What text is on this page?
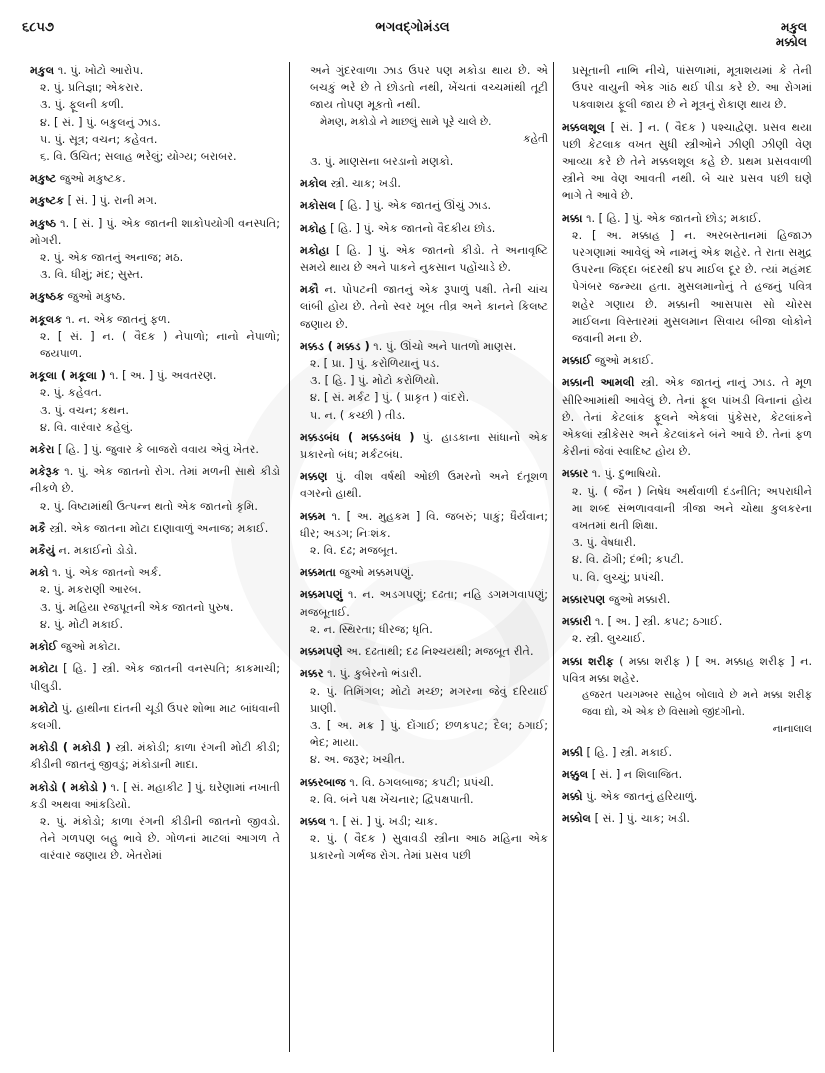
૬૮૫૭	ભગવદ્ગોમંડલ	મકુલ
મક્કોલ
મકુલ ૧. પું. ખોટો આરોપ.
૨. પું. પ્રતિજ્ઞા; એકરાર.
૩. પું. ફૂલની કળી.
૪. [ સં. ] પું. બકુલનું ઝાડ.
૫. પું. સૂત્ર; વચન; કહેવત.
૬. વિ. ઉચિત; સલાહ ભરેલું; યોગ્ય; બરાબર.
મકુષ્ટ જુઓ મકુષ્ટક.
મકુષ્ટક [ સં. ] પું. રાની મગ.
મકુષ્ઠ ૧. [ સં. ] પું. એક જાતની શાકોપયોગી વનસ્પતિ; મોગરી.
૨. પું. એક જાતનું અનાજ; મઠ.
૩. વિ. ધીમું; મંદ; સુસ્ત.
મકુષ્ઠક જુઓ મકુષ્ઠ.
મકૂલક ૧. ન. એક જાતનું ફળ.
૨. [ સં. ] ન. ( વૈદક ) નેપાળો; નાનો નેપાળો; જયપાળ.
મકૂલા ( મકૂલા ) ૧. [ અ. ] પું. અવતરણ.
૨. પું. કહેવત.
૩. પું. વચન; કથન.
૪. વિ. વારંવાર કહેલું.
મકેરા [ હિ. ] પું. જુવાર કે બાજરો વવાય એવું ખેતર.
મકેરૂક ૧. પું. એક જાતનો રોગ. તેમાં મળની સાથે કીડો નીકળે છે.
૨. પું. વિષ્ટામાંથી ઉત્પન્ન થતો એક જાતનો કૃમિ.
મકૈ સ્ત્રી. એક જાતના મોટા દાણાવાળું અનાજ; મકાઈ.
મકૈયું ન. મકાઈનો ડોડો.
મકો ૧. પું. એક જાતનો અર્ક.
૨. પું. મકરાણી આરબ.
૩. પું. મહિયા રજપૂતની એક જાતનો પુરુષ.
૪. પું. મોટી મકાઈ.
મકોઈ જુઓ મકોટા.
મકોટા [ હિ. ] સ્ત્રી. એક જાતની વનસ્પતિ; કાકમાચી; પીલુડી.
મકોટો પું. હાથીના દાંતની ચૂડી ઉપર શોભા માટ બાંધવાની કલગી.
મકોડી ( મકોડી ) સ્ત્રી. મંકોડી; કાળા રંગની મોટી કીડી; કીડીની જાતનું જીવડું; મંકોડાની માદા.
મકોડો ( મકોડો ) ૧. [ સં. મહાકીટ ] પું. ઘરેણામાં નખાતી કડી અથવા આંકડિયો.
૨. પું. મંકોડો; કાળા રંગની કીડીની જાતનો જીવડો. તેને ગળપણ બહુ ભાવે છે. ગોળનાં માટલાં આગળ તે વારંવાર જણાય છે. ખેતરોમાં
અને ગુંદરવાળા ઝાડ ઉપર પણ મકોડા થાય છે. એ બચકું ભરે છે તે છોડતો નથી, ખેંચતાં વચ્ચમાંથી તૂટી જાય તોપણ મૂકતો નથી.
મેમણ, મકોડો ને માછલું સામે પૂરે ચાલે છે.
કહેતી
૩. પું. માણસના બરડાનો મણકો.
મકોલ સ્ત્રી. ચાક; ખડી.
મકોસલ [ હિ. ] પું. એક જાતનું ઊંચું ઝાડ.
મકોહ [ હિ. ] પું. એક જાતનો વૈદકીય છોડ.
મકોહા [ હિ. ] પું. એક જાતનો કીડો. તે અનાવૃષ્ટિ સમયે થાય છે અને પાકને નુકસાન પહોંચાડે છે.
મકૌ ન. પોપટની જાતનું એક રૂપાળું પક્ષી. તેની ચાંચ લાંબી હોય છે. તેનો સ્વર ખૂબ તીવ્ર અને કાનને કિલષ્ટ જણાય છે.
મક્કડ ( મક્કડ ) ૧. પું. ઊંચો અને પાતળો માણસ.
૨. [ પ્રા. ] પું. કરોળિયાનું પડ.
૩. [ હિ. ] પું. મોટો કરોળિયો.
૪. [ સં. મર્કટ ] પું. ( પ્રાકૃત ) વાંદરો.
૫. ન. ( કચ્છી ) તીડ.
મક્કડબંધ ( મક્કડબંધ ) પું. હાડકાના સાંધાનો એક પ્રકારનો બંધ; મર્કટબંધ.
મક્કણ પું. વીશ વર્ષથી ઓછી ઉમરનો અને દંતૂશળ વગરનો હાથી.
મક્કમ ૧. [ અ. મુહકમ ] વિ. જબરું; પાકું; ધૈર્યવાન; ધીર; અડગ; નિઃશંક.
૨. વિ. દઢ; મજબૂત.
મક્કમતા જુઓ મક્કમપણું.
મક્કમપણું ૧. ન. અડગપણું; દઢતા; નહિ ડગમગવાપણું; મજબૂતાઈ.
૨. ન. સ્થિરતા; ધીરજ; ધૃતિ.
મક્કમપણે અ. દઢતાથી; દઢ નિશ્ચયથી; મજબૂત રીતે.
મક્કર ૧. પું. કુબેરનો ભંડારી.
૨. પું. તિમિંગલ; મોટો મચ્છ; મગરના જેવું દરિયાઈ પ્રાણી.
૩. [ અ. મક્ર ] પું. દોંગાઈ; છળકપટ; દૈલ; ઠગાઈ; ભેદ; માયા.
૪. અ. જરૂર; ખચીત.
મક્કરબાજ ૧. વિ. ઠગલબાજ; કપટી; પ્રપંચી.
૨. વિ. બંને પક્ષ ખેંચનાર; દ્વિપક્ષપાતી.
મક્કલ ૧. [ સં. ] પું. ખડી; ચાક.
૨. પું. ( વૈદક ) સુવાવડી સ્ત્રીના આઠ મહિના એક પ્રકારનો ગર્ભજ રોગ. તેમાં પ્રસવ પછી
પ્રસૂતાની નાભિ નીચે, પાંસળામાં, મૂત્રાશયમાં કે તેની ઉપર વાયુની એક ગાંઠ થઈ પીડા કરે છે. આ રોગમાં પક્વાશય ફૂલી જાય છે ને મૂત્રનું રોકાણ થાય છે.
મક્કલશૂલ [ સં. ] ન. ( વૈદક ) પશ્ચાદ્વેણ. પ્રસવ થયા પછી કેટલાક વખત સુધી સ્ત્રીઓને ઝીણી ઝીણી વેણ આવ્યા કરે છે તેને મક્કલશૂલ કહે છે. પ્રથમ પ્રસવવાળી સ્ત્રીને આ વેણ આવતી નથી. બે ચાર પ્રસવ પછી ઘણે ભાગે તે આવે છે.
મક્કા ૧. [ હિ. ] પું. એક જાતનો છોડ; મકાઈ.
૨. [ અ. મક્કાહ ] ન. અરબસ્તાનમાં હિજાઝ પરગણામાં આવેલું એ નામનું એક શહેર. તે રાતા સમુદ્ર ઉપરના જિદ્દા બંદરથી ૪૫ માઈલ દૂર છે. ત્યાં મહંમદ પેગંબર જન્મ્યા હતા. મુસલમાનોનું તે હજનું પવિત્ર શહેર ગણાય છે. મક્કાની આસપાસ સો ચોરસ માઈલના વિસ્તારમાં મુસલમાન સિવાય બીજા લોકોને જવાની મના છે.
મક્કાઈ જુઓ મકાઈ.
મક્કાની આમલી સ્ત્રી. એક જાતનું નાનું ઝાડ. તે મૂળ સીરિઆમાંથી આવેલું છે. તેનાં ફૂલ પાંખડી વિનાનાં હોય છે. તેનાં કેટલાંક ફૂલને એકલાં પુંકેસર, કેટલાંકને એકલાં સ્ત્રીકેસર અને કેટલાંકને બંને આવે છે. તેનાં ફળ કેરીનાં જેવાં સ્વાદિષ્ટ હોય છે.
મક્કાર ૧. પું. દુભાષિયો.
૨. પું. ( જૈન ) નિષેધ અર્થવાળી દંડનીતિ; અપરાધીને મા શબ્દ સંભળાવવાની ત્રીજા અને ચોથા કુલકરના વખતમાં થતી શિક્ષા.
૩. પું. વેષધારી.
૪. વિ. ઢોંગી; દંભી; કપટી.
૫. વિ. લુચ્ચું; પ્રપંચી.
મક્કારપણ જુઓ મક્કારી.
મક્કારી ૧. [ અ. ] સ્ત્રી. કપટ; ઠગાઈ.
૨. સ્ત્રી. લુચ્ચાઈ.
મક્કા શરીફ ( મક્કા શરીફ ) [ અ. મક્કાહ શરીફ ] ન. પવિત્ર મક્કા શહેર.
હજરત પયગમ્બર સાહેબ બોલાવે છે મને મક્કા શરીફ જવા દ્યો, એ એક છે વિસામો જીંદગીનો.
નાનાલાલ
મક્કી [ હિ. ] સ્ત્રી. મકાઈ.
મક્કુલ [ સં. ] ન શિલાજિત.
મક્કો પું. એક જાતનું હરિયાળું.
મક્કોલ [ સં. ] પું. ચાક; ખડી.
